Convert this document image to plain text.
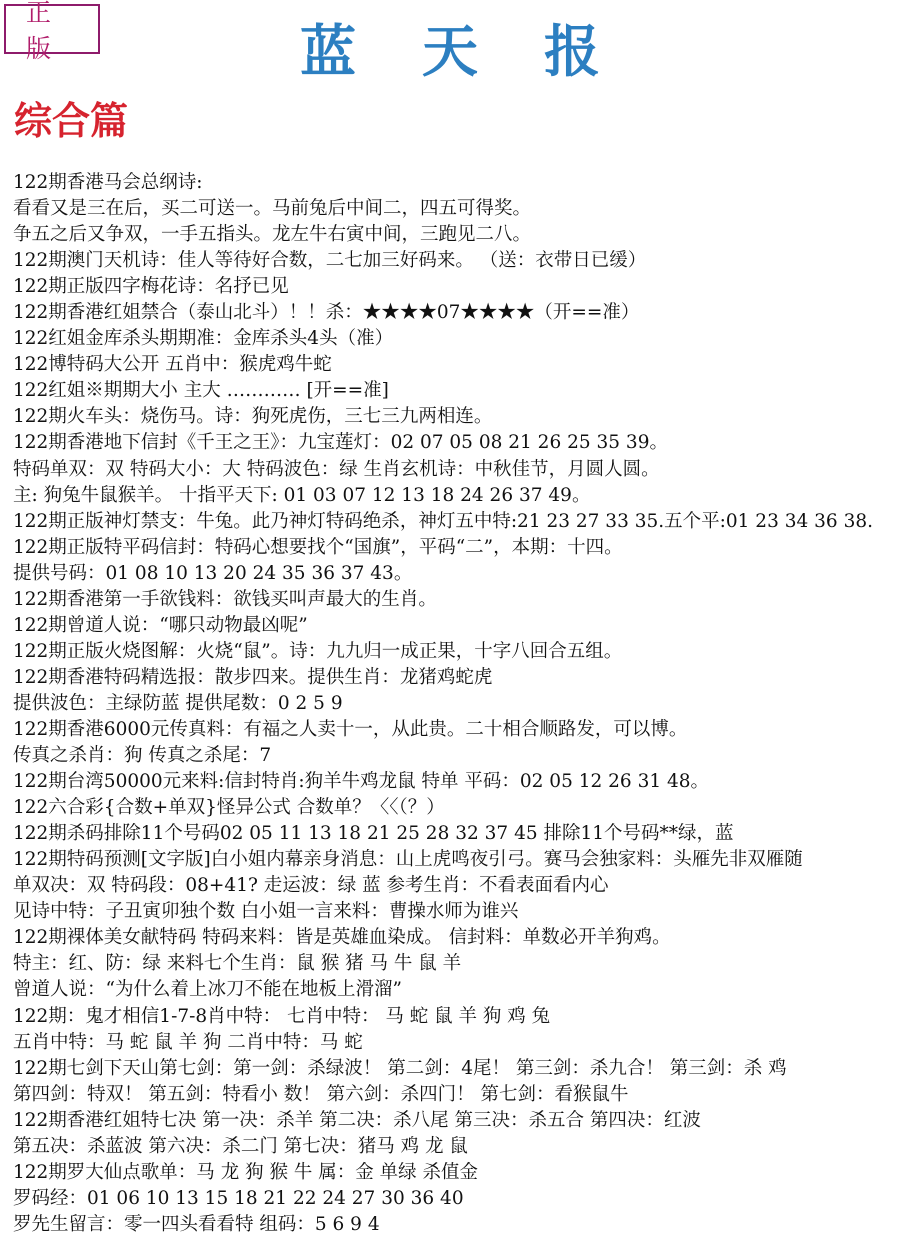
正 版	蓝天报
综合篇
122期香港马会总纲诗:
看看又是三在后，买二可送一。马前兔后中间二，四五可得奖。
争五之后又争双，一手五指头。龙左牛右寅中间，三跑见二八。
122期澳门天机诗：佳人等待好合数，二七加三好码来。 （送：衣带日已缓）
122期正版四字梅花诗：名抒已见
122期香港红姐禁合（泰山北斗）！！杀：★★★★07★★★★（开==准）
122红姐金库杀头期期准：金库杀头4头（准）
122博特码大公开 五肖中：猴虎鸡牛蛇
122红姐※期期大小 主大 ………… [开==准]
122期火车头：烧伤马。诗：狗死虎伤，三七三九两相连。
122期香港地下信封《千王之王》：九宝莲灯：02 07 05 08 21 26 25 35 39。
特码单双：双 特码大小：大 特码波色：绿 生肖玄机诗：中秋佳节，月圆人圆。
主: 狗兔牛鼠猴羊。 十指平天下: 01 03 07 12 13 18 24 26 37 49。
122期正版神灯禁支：牛兔。此乃神灯特码绝杀，神灯五中特:21 23 27 33 35.五个平:01 23 34 36 38.
122期正版特平码信封：特码心想要找个“国旗”，平码“二”，本期：十四。
提供号码：01 08 10 13 20 24 35 36 37 43。
122期香港第一手欲钱料：欲钱买叫声最大的生肖。
122期曾道人说：“哪只动物最凶呢”
122期正版火烧图解：火烧“鼠”。诗：九九归一成正果，十字八回合五组。
122期香港特码精选报：散步四来。提供生肖：龙猪鸡蛇虎
提供波色：主绿防蓝 提供尾数：0 2 5 9
122期香港6000元传真料：有福之人卖十一，从此贵。二十相合顺路发，可以博。
传真之杀肖：狗 传真之杀尾：7
122期台湾50000元来料:信封特肖:狗羊牛鸡龙鼠 特单 平码：02 05 12 26 31 48。
122六合彩{合数+单双}怪异公式 合数单？〈〈（？）
122期杀码排除11个号码02 05 11 13 18 21 25 28 32 37 45 排除11个号码**绿，蓝
122期特码预测[文字版]白小姐内幕亲身消息：山上虎鸣夜引弓。赛马会独家料：头雁先非双雁随
单双决：双 特码段：08+41? 走运波：绿 蓝 参考生肖：不看表面看内心
见诗中特：子丑寅卯独个数 白小姐一言来料：曹操水师为谁兴
122期裸体美女献特码 特码来料：皆是英雄血染成。 信封料：单数必开羊狗鸡。
特主：红、防：绿 来料七个生肖：鼠 猴 猪 马 牛 鼠 羊
曾道人说：“为什么着上冰刀不能在地板上滑溜”
122期：鬼才相信1-7-8肖中特： 七肖中特： 马 蛇 鼠 羊 狗 鸡 兔
五肖中特：马 蛇 鼠 羊 狗 二肖中特：马 蛇
122期七剑下天山第七剑：第一剑：杀绿波！ 第二剑：4尾！ 第三剑：杀九合！ 第三剑：杀 鸡
第四剑：特双！ 第五剑：特看小 数！ 第六剑：杀四门！ 第七剑：看猴鼠牛
122期香港红姐特七决 第一决：杀羊 第二决：杀八尾 第三决：杀五合 第四决：红波
第五决：杀蓝波 第六决：杀二门 第七决：猪马 鸡 龙 鼠
122期罗大仙点歌单：马 龙 狗 猴 牛 属：金 单绿 杀值金
罗码经：01 06 10 13 15 18 21 22 24 27 30 36 40
罗先生留言：零一四头看看特 组码：5 6 9 4
